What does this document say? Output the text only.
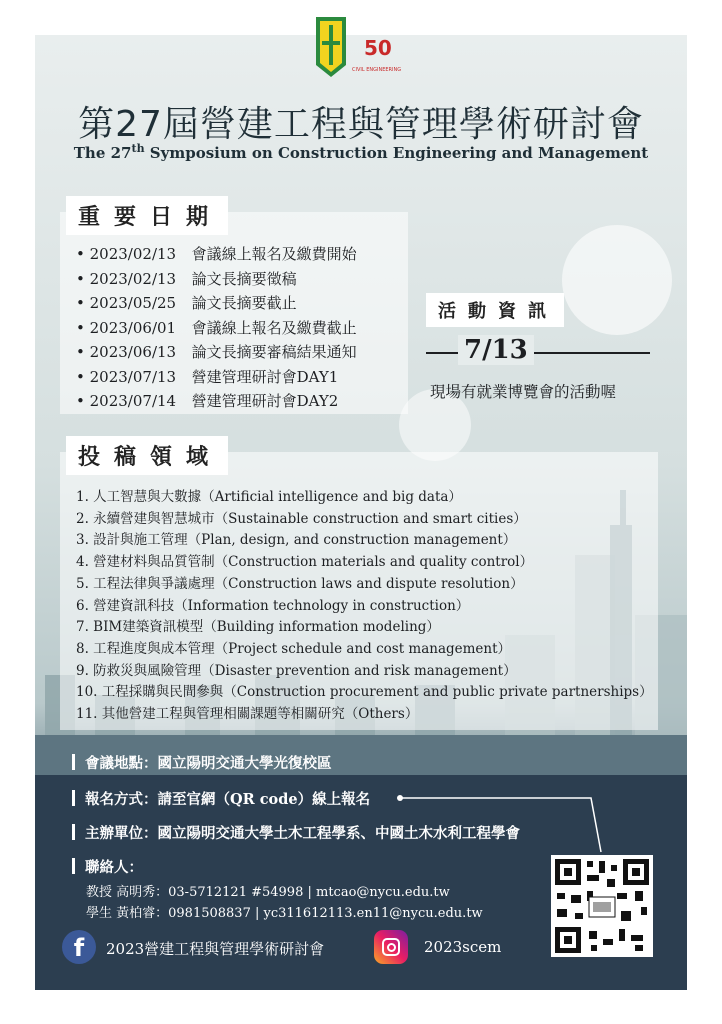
50
CIVIL ENGINEERING
第27屆營建工程與管理學術研討會
The 27th Symposium on Construction Engineering and Management
重要日期
• 2023/02/13 會議線上報名及繳費開始
• 2023/02/13 論文長摘要徵稿
• 2023/05/25 論文長摘要截止
• 2023/06/01 會議線上報名及繳費截止
• 2023/06/13 論文長摘要審稿結果通知
• 2023/07/13 營建管理研討會DAY1
• 2023/07/14 營建管理研討會DAY2
活動資訊
7/13
現場有就業博覽會的活動喔
投稿領域
1. 人工智慧與大數據（Artificial intelligence and big data）
2. 永續營建與智慧城市（Sustainable construction and smart cities）
3. 設計與施工管理（Plan, design, and construction management）
4. 營建材料與品質管制（Construction materials and quality control）
5. 工程法律與爭議處理（Construction laws and dispute resolution）
6. 營建資訊科技（Information technology in construction）
7. BIM建築資訊模型（Building information modeling）
8. 工程進度與成本管理（Project schedule and cost management）
9. 防救災與風險管理（Disaster prevention and risk management）
10. 工程採購與民間參與（Construction procurement and public private partnerships）
11. 其他營建工程與管理相關課題等相關研究（Others）
會議地點：國立陽明交通大學光復校區
報名方式：請至官網（QR code）線上報名
主辦單位：國立陽明交通大學土木工程學系、中國土木水利工程學會
聯絡人：
教授 高明秀：03-5712121 #54998 | mtcao@nycu.edu.tw
學生 黃柏睿：0981508837 | yc311612113.en11@nycu.edu.tw
f	2023營建工程與管理學術研討會	2023scem
